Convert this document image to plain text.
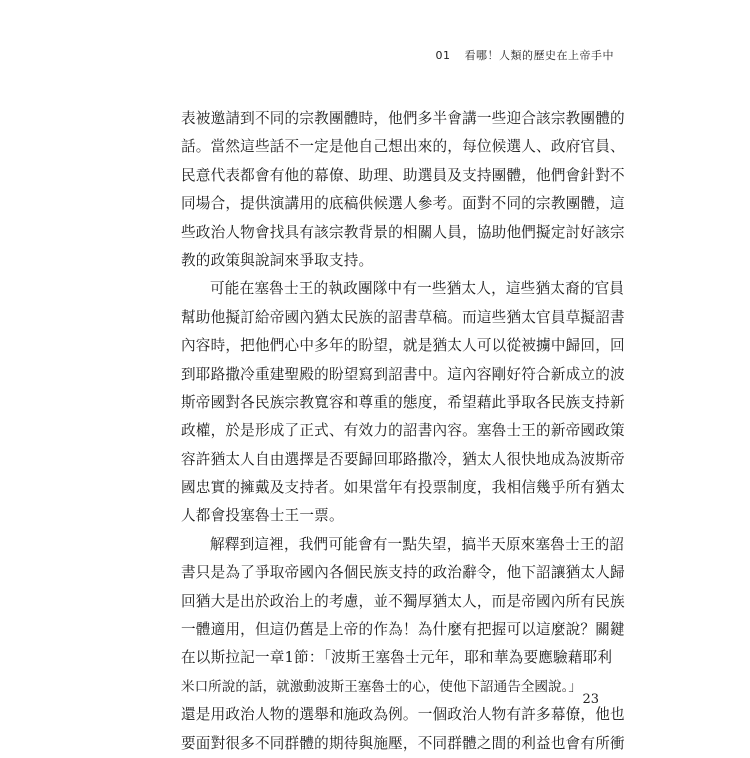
01 看哪！人類的歷史在上帝手中
表被邀請到不同的宗教團體時，他們多半會講一些迎合該宗教團體的
話。當然這些話不一定是他自己想出來的，每位候選人、政府官員、
民意代表都會有他的幕僚、助理、助選員及支持團體，他們會針對不
同場合，提供演講用的底稿供候選人參考。面對不同的宗教團體，這
些政治人物會找具有該宗教背景的相關人員，協助他們擬定討好該宗
教的政策與說詞來爭取支持。
可能在塞魯士王的執政團隊中有一些猶太人，這些猶太裔的官員
幫助他擬訂給帝國內猶太民族的詔書草稿。而這些猶太官員草擬詔書
內容時，把他們心中多年的盼望，就是猶太人可以從被擄中歸回，回
到耶路撒冷重建聖殿的盼望寫到詔書中。這內容剛好符合新成立的波
斯帝國對各民族宗教寬容和尊重的態度，希望藉此爭取各民族支持新
政權，於是形成了正式、有效力的詔書內容。塞魯士王的新帝國政策
容許猶太人自由選擇是否要歸回耶路撒冷，猶太人很快地成為波斯帝
國忠實的擁戴及支持者。如果當年有投票制度，我相信幾乎所有猶太
人都會投塞魯士王一票。
解釋到這裡，我們可能會有一點失望，搞半天原來塞魯士王的詔
書只是為了爭取帝國內各個民族支持的政治辭令，他下詔讓猶太人歸
回猶大是出於政治上的考慮，並不獨厚猶太人，而是帝國內所有民族
一體適用，但這仍舊是上帝的作為！為什麼有把握可以這麼說？關鍵
在以斯拉記一章1節：「波斯王塞魯士元年，耶和華為要應驗藉耶利
米口所說的話，就激動波斯王塞魯士的心，使他下詔通告全國說。」
還是用政治人物的選舉和施政為例。一個政治人物有許多幕僚，他也
要面對很多不同群體的期待與施壓，不同群體之間的利益也會有所衝
23
